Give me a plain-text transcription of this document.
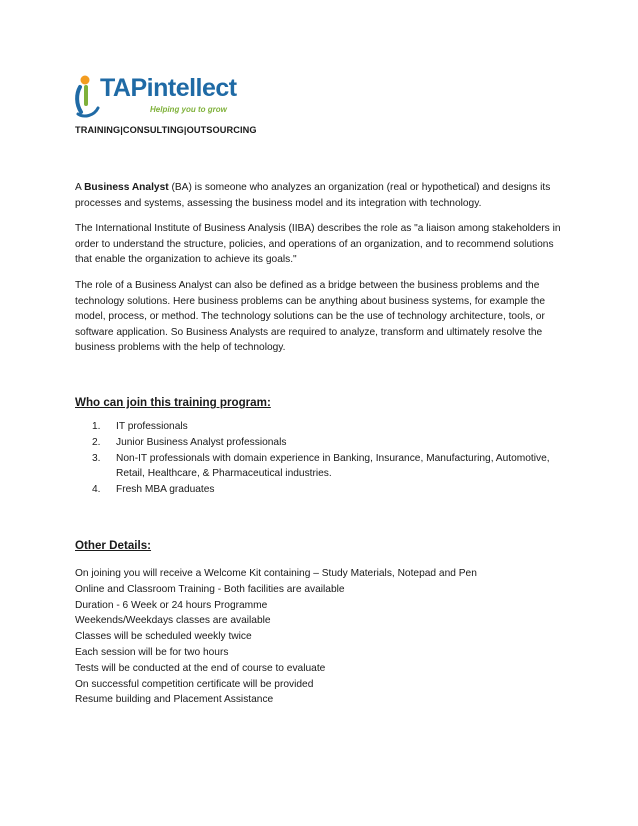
TAPintellect
Helping you to grow
TRAINING|CONSULTING|OUTSOURCING

A Business Analyst (BA) is someone who analyzes an organization (real or hypothetical) and designs its processes and systems, assessing the business model and its integration with technology.

The International Institute of Business Analysis (IIBA) describes the role as "a liaison among stakeholders in order to understand the structure, policies, and operations of an organization, and to recommend solutions that enable the organization to achieve its goals."

The role of a Business Analyst can also be defined as a bridge between the business problems and the technology solutions. Here business problems can be anything about business systems, for example the model, process, or method. The technology solutions can be the use of technology architecture, tools, or software application. So Business Analysts are required to analyze, transform and ultimately resolve the business problems with the help of technology.

Who can join this training program:
1. IT professionals
2. Junior Business Analyst professionals
3. Non-IT professionals with domain experience in Banking, Insurance, Manufacturing, Automotive, Retail, Healthcare, & Pharmaceutical industries.
4. Fresh MBA graduates
Other Details:
On joining you will receive a Welcome Kit containing – Study Materials, Notepad and Pen
Online and Classroom Training - Both facilities are available
Duration - 6 Week or 24 hours Programme
Weekends/Weekdays classes are available
Classes will be scheduled weekly twice
Each session will be for two hours
Tests will be conducted at the end of course to evaluate
On successful competition certificate will be provided
Resume building and Placement Assistance
